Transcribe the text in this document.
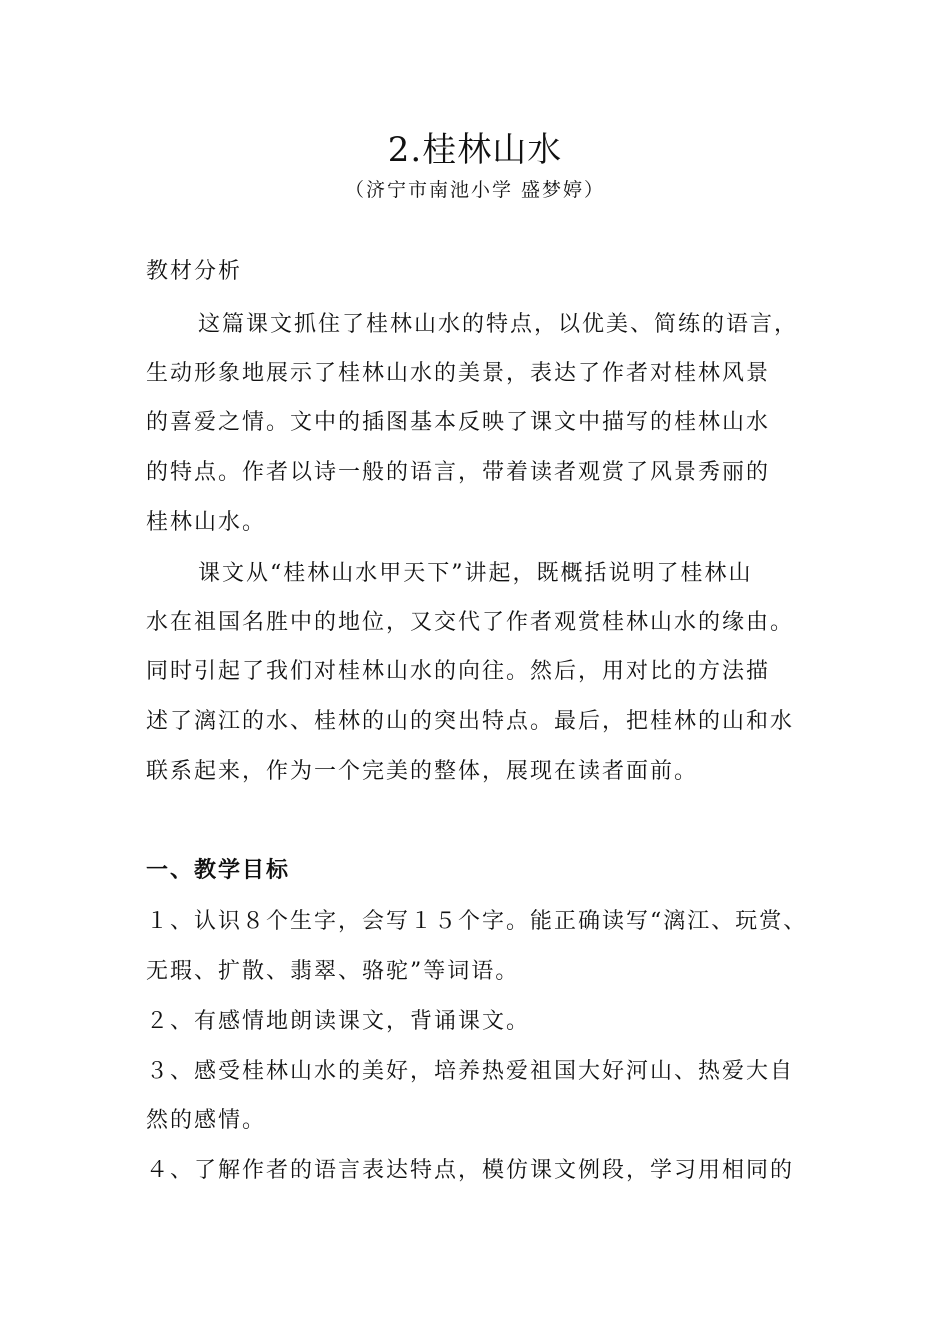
2.桂林山水
（济宁市南池小学 盛梦婷）
教材分析
这篇课文抓住了桂林山水的特点，以优美、简练的语言，
生动形象地展示了桂林山水的美景，表达了作者对桂林风景
的喜爱之情。文中的插图基本反映了课文中描写的桂林山水
的特点。作者以诗一般的语言，带着读者观赏了风景秀丽的
桂林山水。
课文从“桂林山水甲天下”讲起，既概括说明了桂林山
水在祖国名胜中的地位，又交代了作者观赏桂林山水的缘由。
同时引起了我们对桂林山水的向往。然后，用对比的方法描
述了漓江的水、桂林的山的突出特点。最后，把桂林的山和水
联系起来，作为一个完美的整体，展现在读者面前。
一、教学目标
１、认识８个生字，会写１５个字。能正确读写“漓江、玩赏、
无瑕、扩散、翡翠、骆驼”等词语。
２、有感情地朗读课文，背诵课文。
３、感受桂林山水的美好，培养热爱祖国大好河山、热爱大自
然的感情。
４、了解作者的语言表达特点，模仿课文例段，学习用相同的
